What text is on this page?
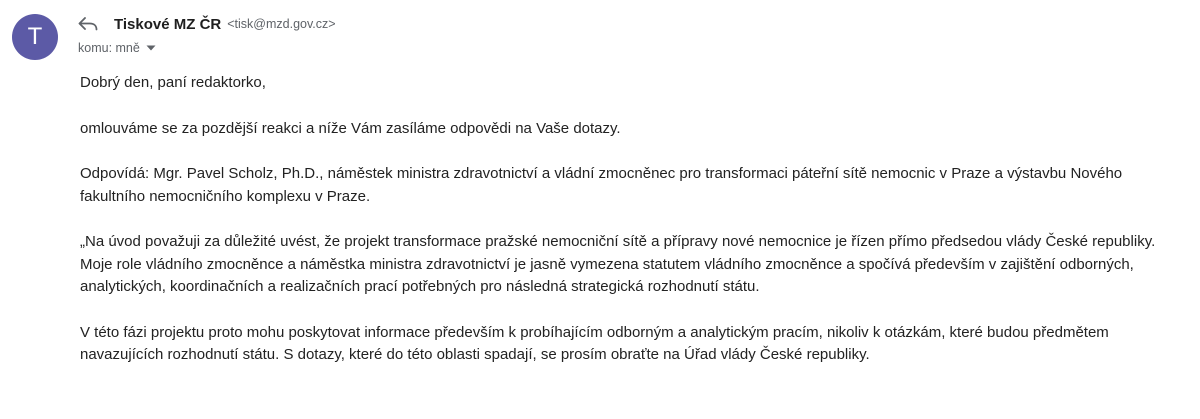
T	Tiskové MZ ČR <tisk@mzd.gov.cz>
komu: mně

Dobrý den, paní redaktorko,

omlouváme se za pozdější reakci a níže Vám zasíláme odpovědi na Vaše dotazy.

Odpovídá: Mgr. Pavel Scholz, Ph.D., náměstek ministra zdravotnictví a vládní zmocněnec pro transformaci páteřní sítě nemocnic v Praze a výstavbu Nového fakultního nemocničního komplexu v Praze.

„Na úvod považuji za důležité uvést, že projekt transformace pražské nemocniční sítě a přípravy nové nemocnice je řízen přímo předsedou vlády České republiky. Moje role vládního zmocněnce a náměstka ministra zdravotnictví je jasně vymezena statutem vládního zmocněnce a spočívá především v zajištění odborných, analytických, koordinačních a realizačních prací potřebných pro následná strategická rozhodnutí státu.

V této fázi projektu proto mohu poskytovat informace především k probíhajícím odborným a analytickým pracím, nikoliv k otázkám, které budou předmětem navazujících rozhodnutí státu. S dotazy, které do této oblasti spadají, se prosím obraťte na Úřad vlády České republiky.
